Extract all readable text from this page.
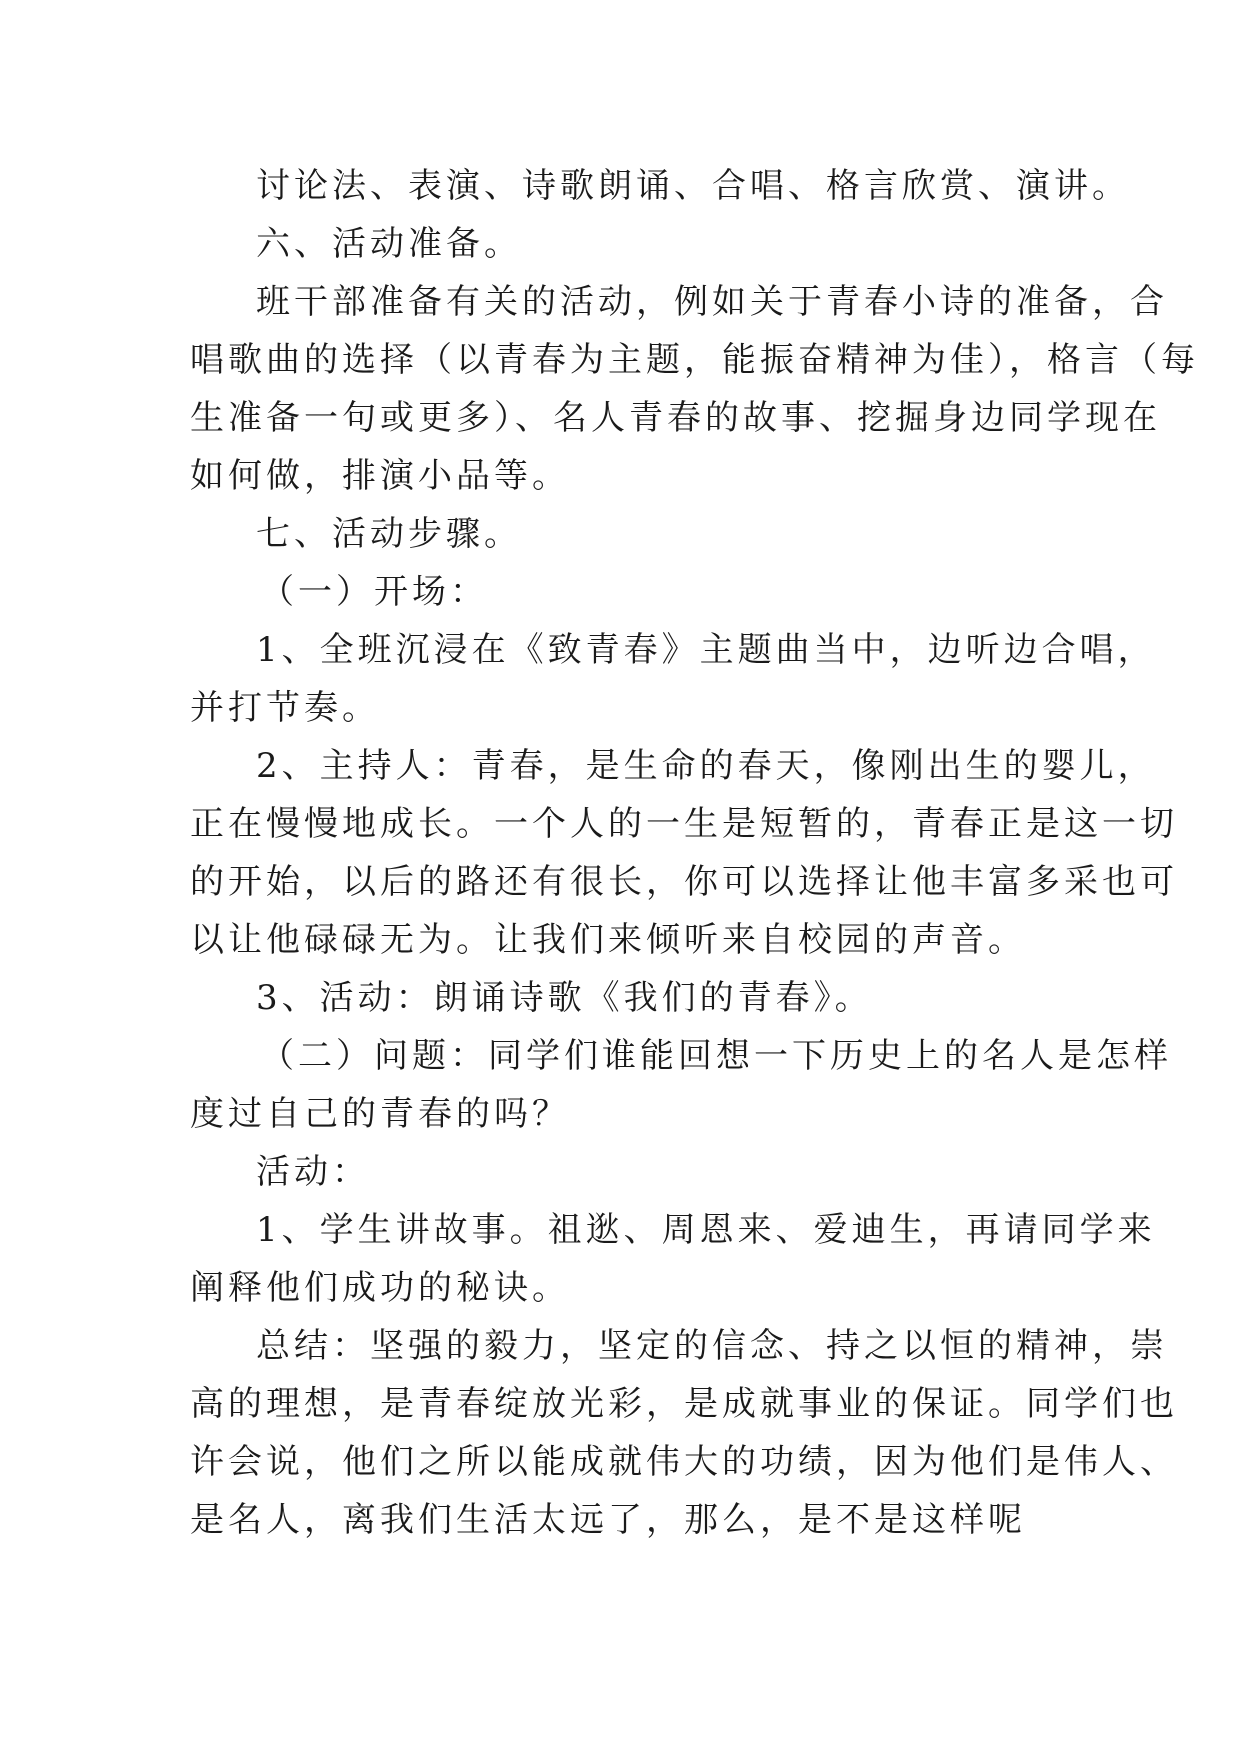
讨论法、表演、诗歌朗诵、合唱、格言欣赏、演讲。
六、活动准备。
班干部准备有关的活动，例如关于青春小诗的准备，合
唱歌曲的选择（以青春为主题，能振奋精神为佳），格言（每
生准备一句或更多）、名人青春的故事、挖掘身边同学现在
如何做，排演小品等。
七、活动步骤。
（一）开场：
1、全班沉浸在《致青春》主题曲当中，边听边合唱，
并打节奏。
2、主持人：青春，是生命的春天，像刚出生的婴儿，
正在慢慢地成长。一个人的一生是短暂的，青春正是这一切
的开始，以后的路还有很长，你可以选择让他丰富多采也可
以让他碌碌无为。让我们来倾听来自校园的声音。
3、活动：朗诵诗歌《我们的青春》。
（二）问题：同学们谁能回想一下历史上的名人是怎样
度过自己的青春的吗？
活动：
1、学生讲故事。祖逖、周恩来、爱迪生，再请同学来
阐释他们成功的秘诀。
总结：坚强的毅力，坚定的信念、持之以恒的精神，崇
高的理想，是青春绽放光彩，是成就事业的保证。同学们也
许会说，他们之所以能成就伟大的功绩，因为他们是伟人、
是名人，离我们生活太远了，那么，是不是这样呢
